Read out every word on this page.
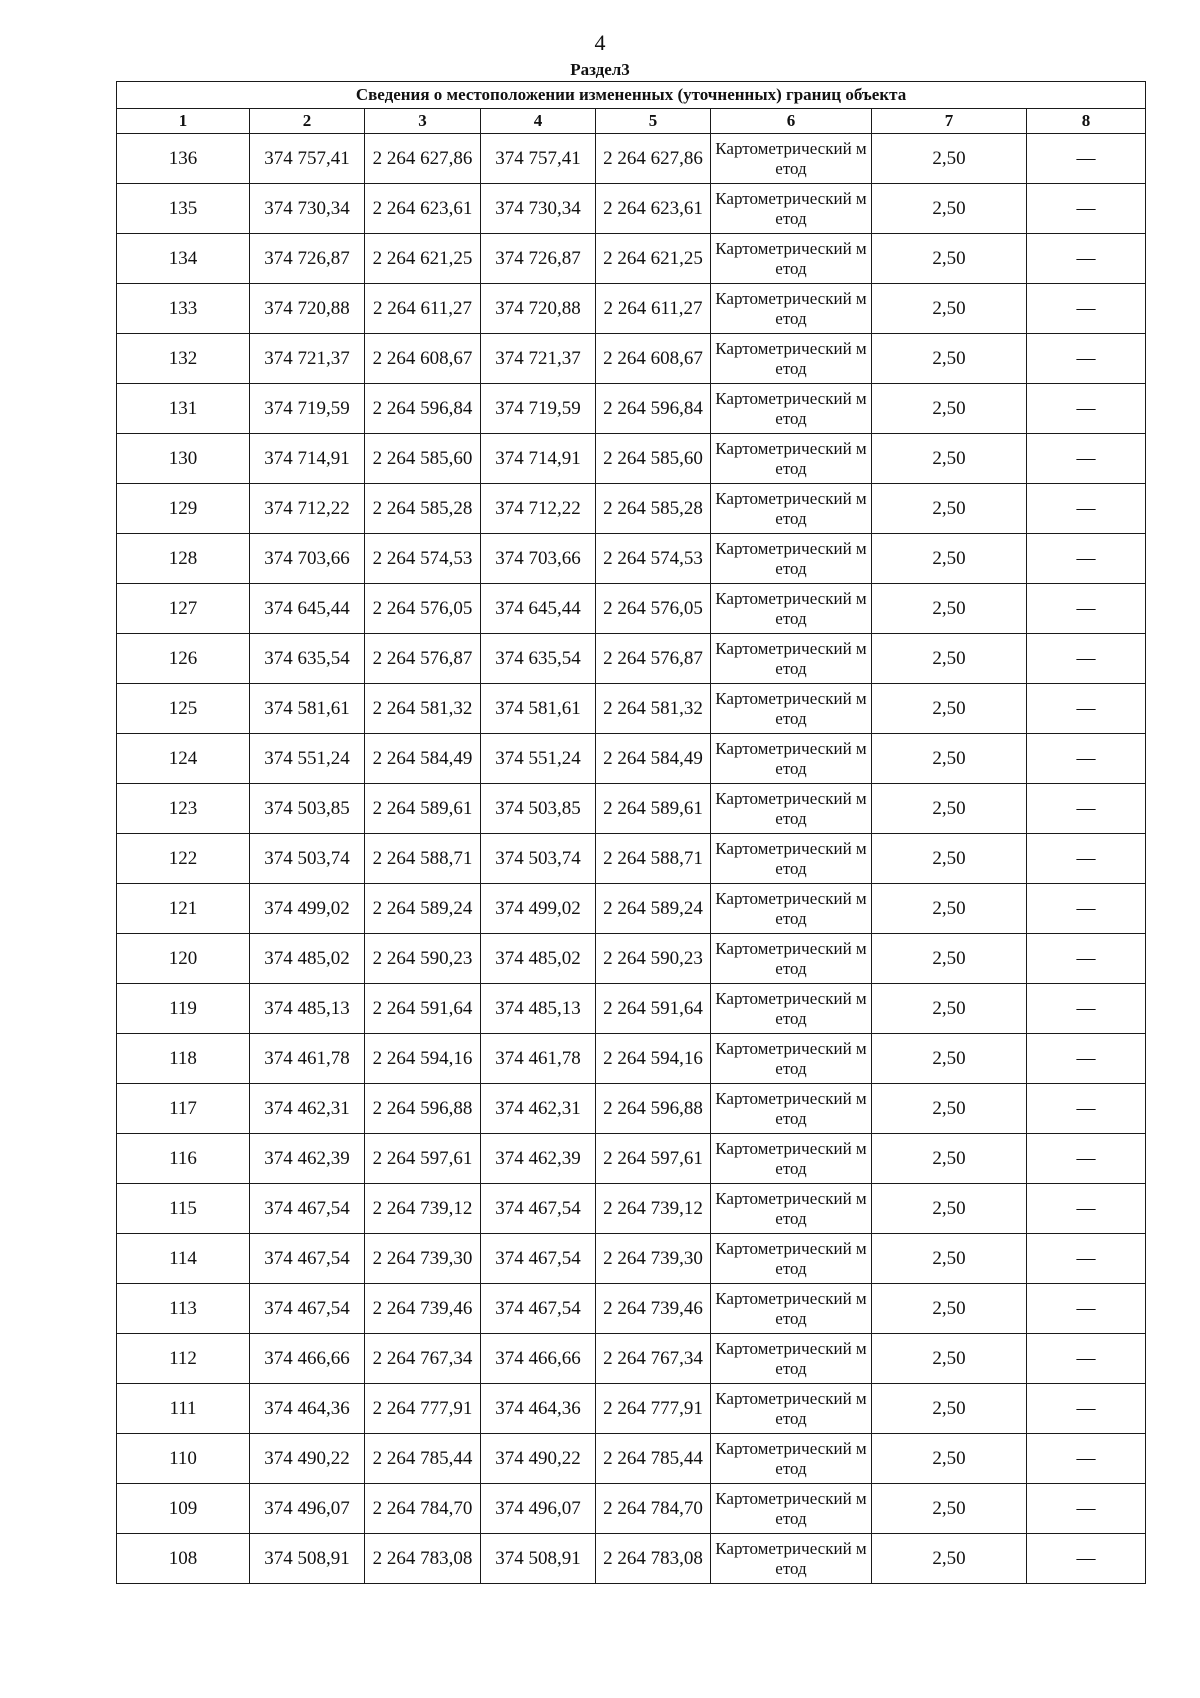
4
Раздел3
Сведения о местоположении измененных (уточненных) границ объекта							
1	2	3	4	5	6	7	8
136	374 757,41	2 264 627,86	374 757,41	2 264 627,86	Картометрический метод	2,50	—
135	374 730,34	2 264 623,61	374 730,34	2 264 623,61	Картометрический метод	2,50	—
134	374 726,87	2 264 621,25	374 726,87	2 264 621,25	Картометрический метод	2,50	—
133	374 720,88	2 264 611,27	374 720,88	2 264 611,27	Картометрический метод	2,50	—
132	374 721,37	2 264 608,67	374 721,37	2 264 608,67	Картометрический метод	2,50	—
131	374 719,59	2 264 596,84	374 719,59	2 264 596,84	Картометрический метод	2,50	—
130	374 714,91	2 264 585,60	374 714,91	2 264 585,60	Картометрический метод	2,50	—
129	374 712,22	2 264 585,28	374 712,22	2 264 585,28	Картометрический метод	2,50	—
128	374 703,66	2 264 574,53	374 703,66	2 264 574,53	Картометрический метод	2,50	—
127	374 645,44	2 264 576,05	374 645,44	2 264 576,05	Картометрический метод	2,50	—
126	374 635,54	2 264 576,87	374 635,54	2 264 576,87	Картометрический метод	2,50	—
125	374 581,61	2 264 581,32	374 581,61	2 264 581,32	Картометрический метод	2,50	—
124	374 551,24	2 264 584,49	374 551,24	2 264 584,49	Картометрический метод	2,50	—
123	374 503,85	2 264 589,61	374 503,85	2 264 589,61	Картометрический метод	2,50	—
122	374 503,74	2 264 588,71	374 503,74	2 264 588,71	Картометрический метод	2,50	—
121	374 499,02	2 264 589,24	374 499,02	2 264 589,24	Картометрический метод	2,50	—
120	374 485,02	2 264 590,23	374 485,02	2 264 590,23	Картометрический метод	2,50	—
119	374 485,13	2 264 591,64	374 485,13	2 264 591,64	Картометрический метод	2,50	—
118	374 461,78	2 264 594,16	374 461,78	2 264 594,16	Картометрический метод	2,50	—
117	374 462,31	2 264 596,88	374 462,31	2 264 596,88	Картометрический метод	2,50	—
116	374 462,39	2 264 597,61	374 462,39	2 264 597,61	Картометрический метод	2,50	—
115	374 467,54	2 264 739,12	374 467,54	2 264 739,12	Картометрический метод	2,50	—
114	374 467,54	2 264 739,30	374 467,54	2 264 739,30	Картометрический метод	2,50	—
113	374 467,54	2 264 739,46	374 467,54	2 264 739,46	Картометрический метод	2,50	—
112	374 466,66	2 264 767,34	374 466,66	2 264 767,34	Картометрический метод	2,50	—
111	374 464,36	2 264 777,91	374 464,36	2 264 777,91	Картометрический метод	2,50	—
110	374 490,22	2 264 785,44	374 490,22	2 264 785,44	Картометрический метод	2,50	—
109	374 496,07	2 264 784,70	374 496,07	2 264 784,70	Картометрический метод	2,50	—
108	374 508,91	2 264 783,08	374 508,91	2 264 783,08	Картометрический метод	2,50	—
